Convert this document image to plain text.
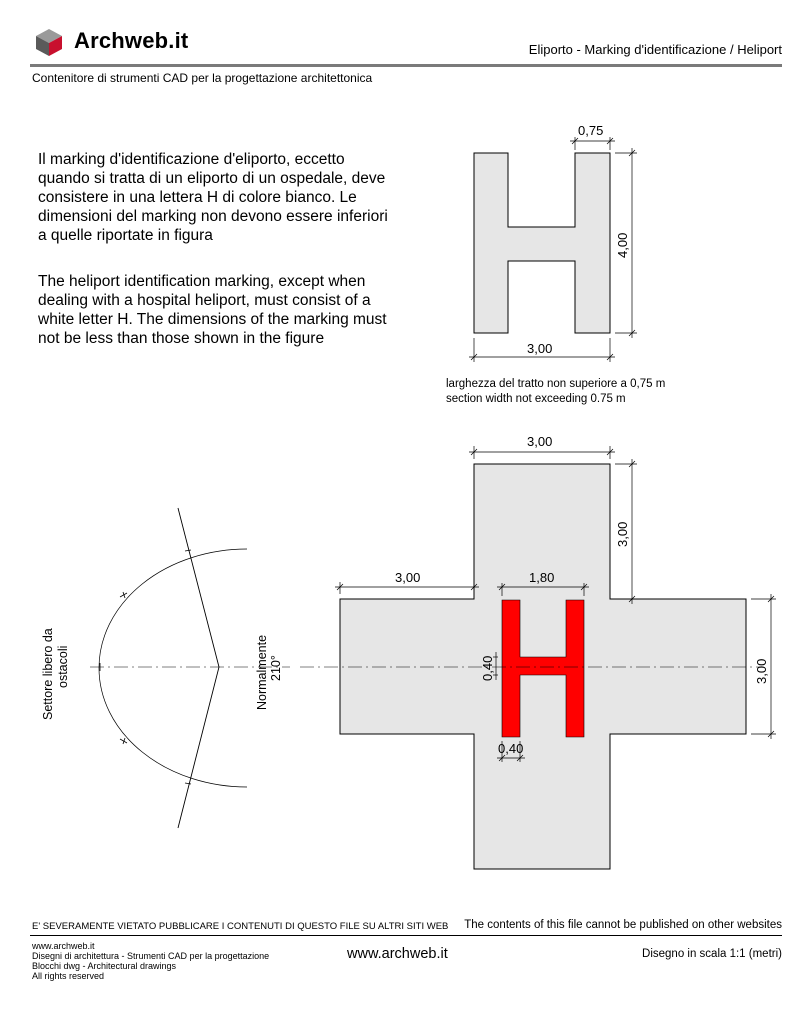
Archweb.it	Eliporto - Marking d'identificazione / Heliport
Contenitore di strumenti CAD per la progettazione architettonica
Il marking d'identificazione d'eliporto, eccetto quando si tratta di un eliporto di un ospedale, deve consistere in una lettera H di colore bianco. Le dimensioni del marking non devono essere inferiori a quelle riportate in figura
The heliport identification marking, except when dealing with a hospital heliport, must consist of a white letter H. The dimensions of the marking must not be less than those shown in the figure
0,75
4,00
3,00
3,00
3,00
3,00	1,80
3,00
0,40
0,40
Settore libero da ostacoli	Normalmente 210°
larghezza del tratto non superiore a 0,75 m
section width not exceeding 0.75 m
E' SEVERAMENTE VIETATO PUBBLICARE I CONTENUTI DI QUESTO FILE SU ALTRI SITI WEB The contents of this file cannot be published on other websites
www.archweb.it
Disegni di architettura - Strumenti CAD per la progettazione
Blocchi dwg - Architectural drawings
All rights reserved
www.archweb.it	Disegno in scala 1:1 (metri)
